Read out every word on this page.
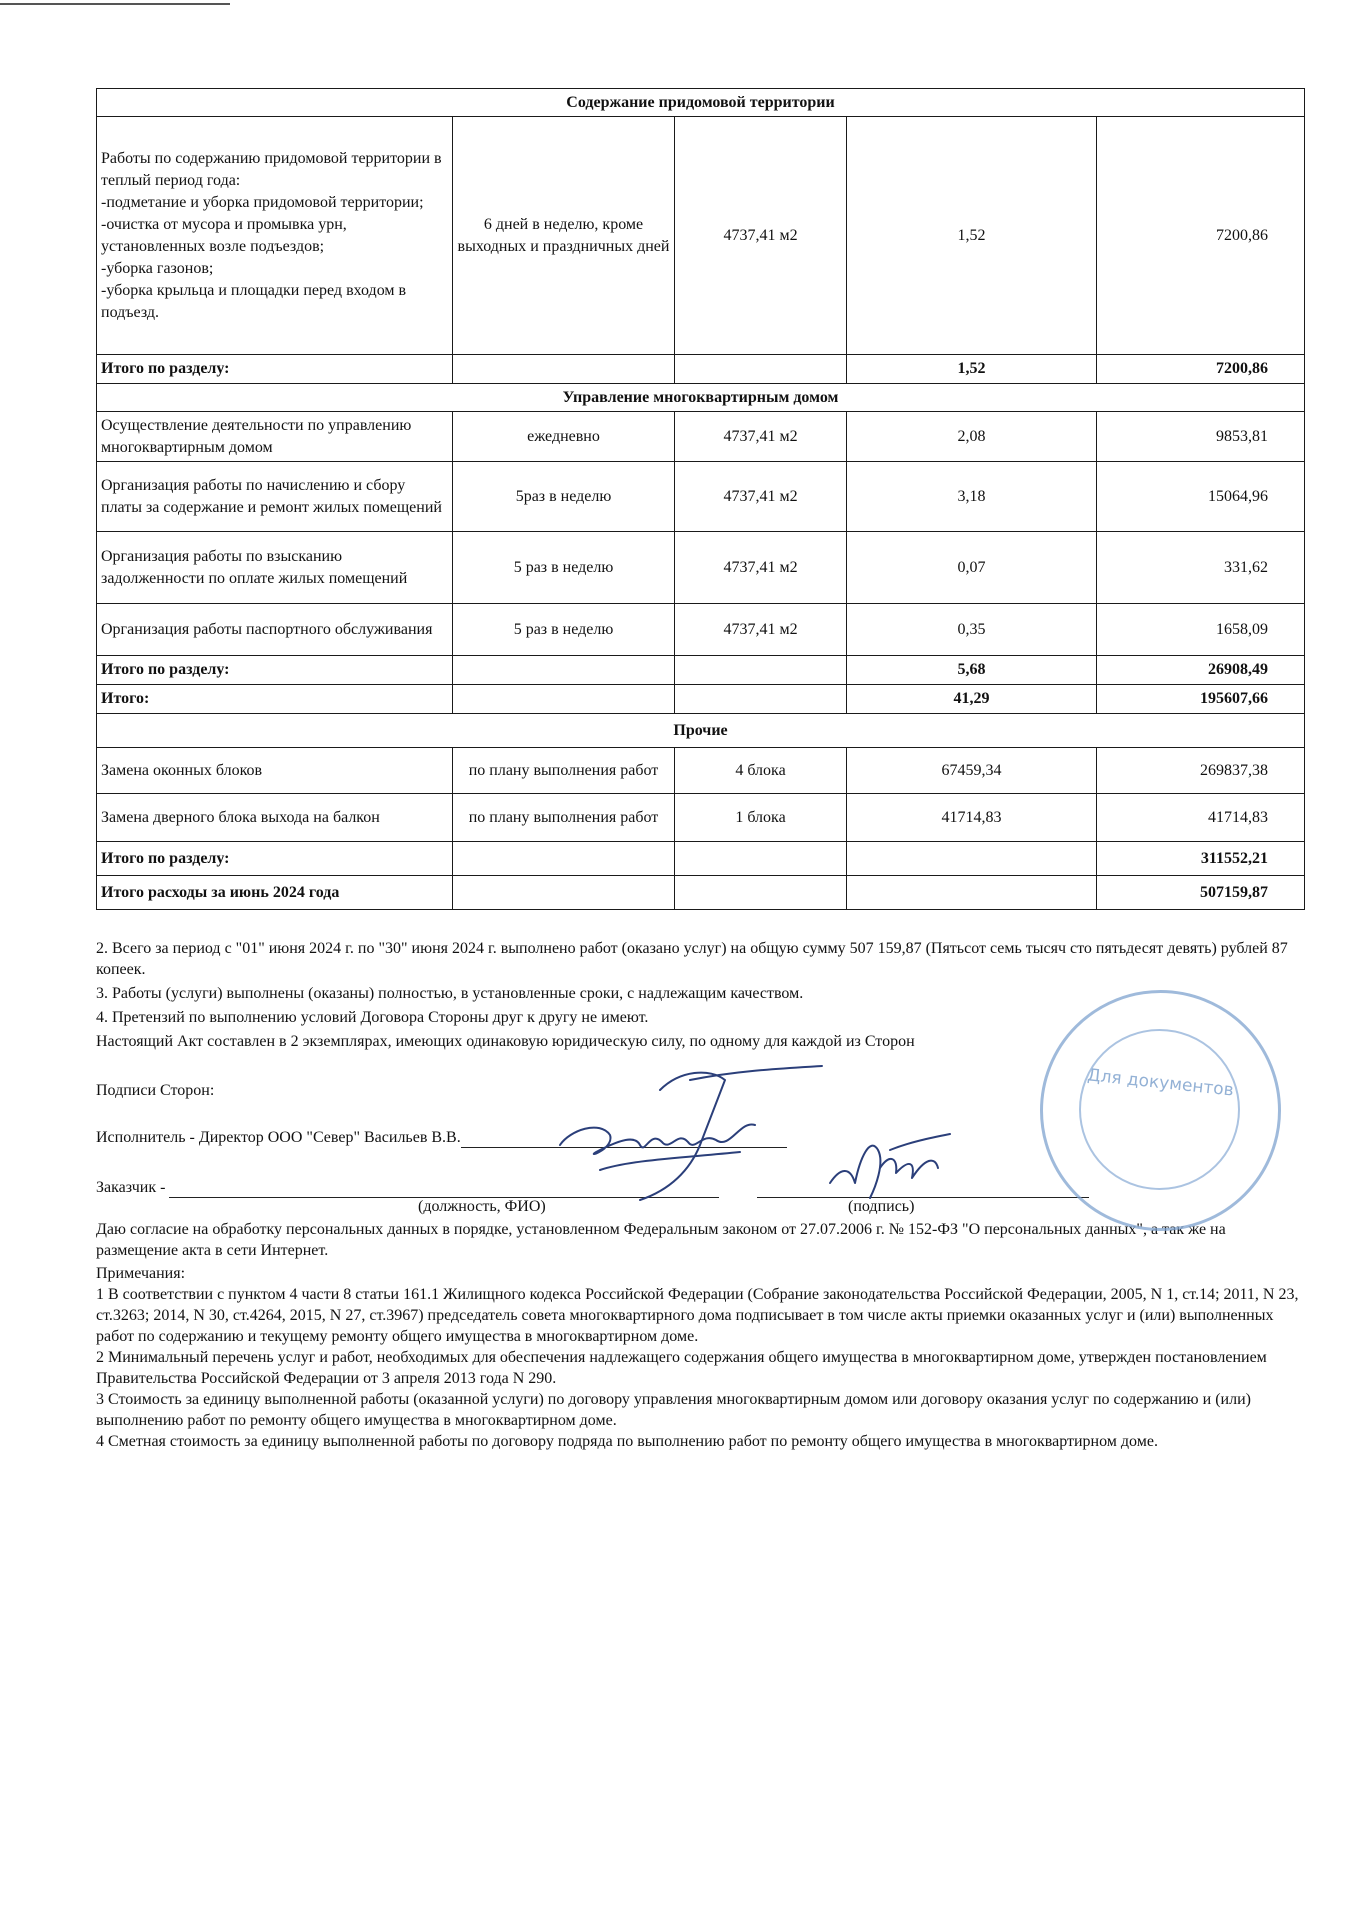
Содержание придомовой территории				
Работы по содержанию придомовой территории в теплый период года:
-подметание и уборка придомовой территории;
-очистка от мусора и промывка урн, установленных возле подъездов;
-уборка газонов;
-уборка крыльца и площадки перед входом в подъезд.	6 дней в неделю, кроме выходных и праздничных дней	4737,41 м2	1,52	7200,86
Итого по разделу:			1,52	7200,86
Управление многоквартирным домом				
Осуществление деятельности по управлению многоквартирным домом	ежедневно	4737,41 м2	2,08	9853,81
Организация работы по начислению и сбору платы за содержание и ремонт жилых помещений	5раз в неделю	4737,41 м2	3,18	15064,96
Организация работы по взысканию задолженности по оплате жилых помещений	5 раз в неделю	4737,41 м2	0,07	331,62
Организация работы паспортного обслуживания	5 раз в неделю	4737,41 м2	0,35	1658,09
Итого по разделу:			5,68	26908,49
Итого:			41,29	195607,66
Прочие				
Замена оконных блоков	по плану выполнения работ	4 блока	67459,34	269837,38
Замена дверного блока выхода на балкон	по плану выполнения работ	1 блока	41714,83	41714,83
Итого по разделу:				311552,21
Итого расходы за июнь 2024 года				507159,87

2. Всего за период с "01" июня 2024 г. по "30" июня 2024 г. выполнено работ (оказано услуг) на общую сумму 507 159,87 (Пятьсот семь тысяч сто пятьдесят девять) рублей 87 копеек.

3. Работы (услуги) выполнены (оказаны) полностью, в установленные сроки, с надлежащим качеством.

4. Претензий по выполнению условий Договора Стороны друг к другу не имеют.

Настоящий Акт составлен в 2 экземплярах, имеющих одинаковую юридическую силу, по одному для каждой из Сторон

Подписи Сторон:
Исполнитель - Директор ООО "Север" Васильев В.В.
Заказчик -
(должность, ФИО)	(подпись)
Даю согласие на обработку персональных данных в порядке, установленном Федеральным законом от 27.07.2006 г. № 152-ФЗ "О персональных данных", а так же на размещение акта в сети Интернет.

Примечания:

1 В соответствии с пунктом 4 части 8 статьи 161.1 Жилищного кодекса Российской Федерации (Собрание законодательства Российской Федерации, 2005, N 1, ст.14; 2011, N 23, ст.3263; 2014, N 30, ст.4264, 2015, N 27, ст.3967) председатель совета многоквартирного дома подписывает в том числе акты приемки оказанных услуг и (или) выполненных работ по содержанию и текущему ремонту общего имущества в многоквартирном доме.

2 Минимальный перечень услуг и работ, необходимых для обеспечения надлежащего содержания общего имущества в многоквартирном доме, утвержден постановлением Правительства Российской Федерации от 3 апреля 2013 года N 290.

3 Стоимость за единицу выполненной работы (оказанной услуги) по договору управления многоквартирным домом или договору оказания услуг по содержанию и (или) выполнению работ по ремонту общего имущества в многоквартирном доме.

4 Сметная стоимость за единицу выполненной работы по договору подряда по выполнению работ по ремонту общего имущества в многоквартирном доме.

Для документов
